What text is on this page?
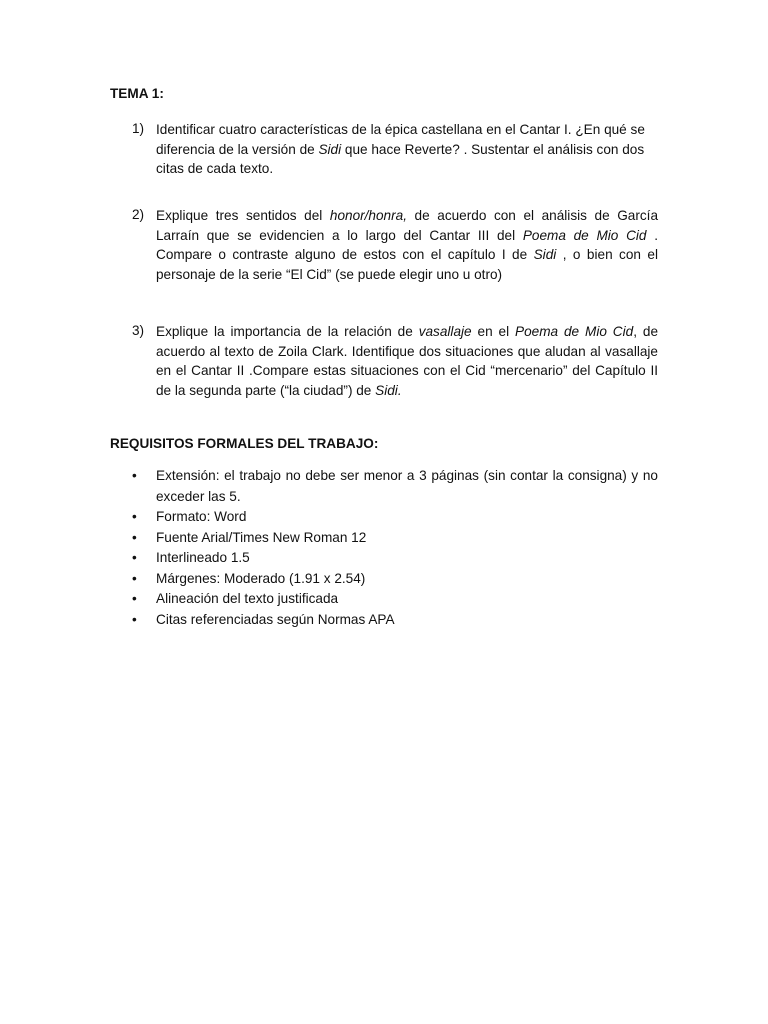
TEMA 1:
1) Identificar cuatro características de la épica castellana en el Cantar I. ¿En qué se diferencia de la versión de Sidi que hace Reverte? . Sustentar el análisis con dos citas de cada texto.
2) Explique tres sentidos del honor/honra, de acuerdo con el análisis de García Larraín que se evidencien a lo largo del Cantar III del Poema de Mio Cid . Compare o contraste alguno de estos con el capítulo I de Sidi , o bien con el personaje de la serie “El Cid” (se puede elegir uno u otro)
3) Explique la importancia de la relación de vasallaje en el Poema de Mio Cid, de acuerdo al texto de Zoila Clark. Identifique dos situaciones que aludan al vasallaje en el Cantar II .Compare estas situaciones con el Cid “mercenario” del Capítulo II de la segunda parte (“la ciudad”) de Sidi.
REQUISITOS FORMALES DEL TRABAJO:
• Extensión: el trabajo no debe ser menor a 3 páginas (sin contar la consigna) y no exceder las 5.
• Formato: Word
• Fuente Arial/Times New Roman 12
• Interlineado 1.5
• Márgenes: Moderado (1.91 x 2.54)
• Alineación del texto justificada
• Citas referenciadas según Normas APA
